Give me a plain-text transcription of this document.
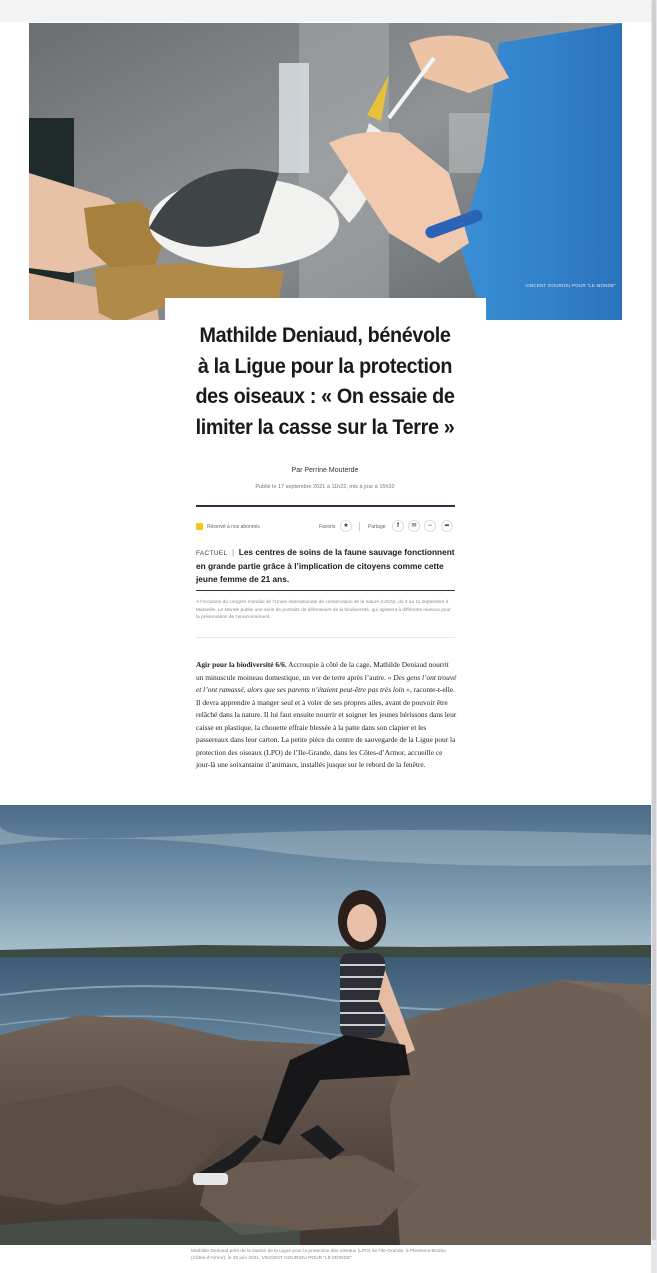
VINCENT GOURIOU POUR "LE MONDE"
Mathilde Deniaud, bénévole à la Ligue pour la protection des oiseaux : « On essaie de limiter la casse sur la Terre »
Par Perrine Mouterde
Publié le 17 septembre 2021 à 11h22, mis à jour à 15h32
Réservé à nos abonnés	Favoris	★	Partage	f	✉	∼	➦
FACTUEL  |  Les centres de soins de la faune sauvage fonctionnent en grande partie grâce à l’implication de citoyens comme cette jeune femme de 21 ans.
A l’occasion du congrès mondial de l’Union internationale de conservation de la nature (UICN), du 3 au 11 septembre à Marseille, Le Monde publie une série de portraits de défenseurs de la biodiversité, qui agissent à différents niveaux pour la préservation de l’environnement.
Agir pour la biodiversité 6/6. Accroupie à côté de la cage, Mathilde Deniaud nourrit un minuscule moineau domestique, un ver de terre après l’autre. « Des gens l’ont trouvé et l’ont ramassé, alors que ses parents n’étaient peut-être pas très loin », raconte-t-elle. Il devra apprendre à manger seul et à voler de ses propres ailes, avant de pouvoir être relâché dans la nature. Il lui faut ensuite nourrir et soigner les jeunes hérissons dans leur caisse en plastique, la chouette effraie blessée à la patte dans son clapier et les passereaux dans leur carton. La petite pièce du centre de sauvegarde de la Ligue pour la protection des oiseaux (LPO) de l’Ile-Grande, dans les Côtes-d’Armor, accueille ce jour-là une soixantaine d’animaux, installés jusque sur le rebord de la fenêtre.
Mathilde Deniaud près de la station de la Ligue pour la protection des oiseaux (LPO) de l’Ile-Grande, à Pleumeur-Bodou (Côtes-d’Armor), le 20 juin 2021. VINCENT GOURIOU POUR "LE MONDE"
